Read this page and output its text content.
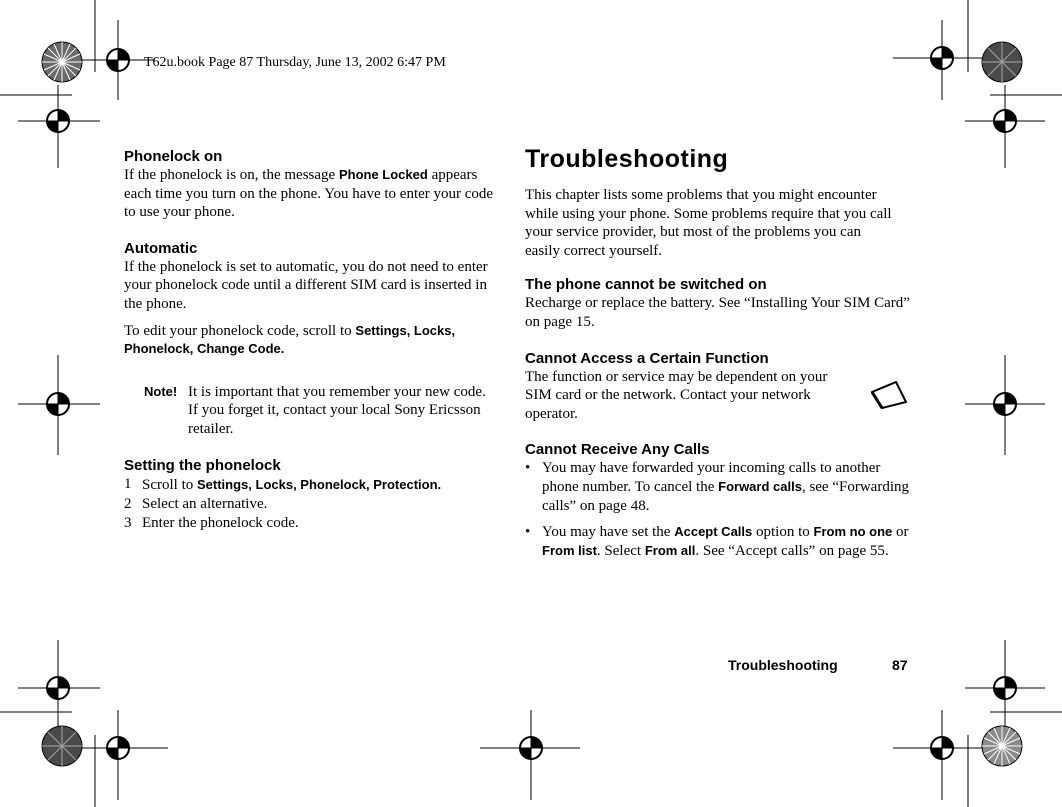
T62u.book Page 87 Thursday, June 13, 2002 6:47 PM

Phonelock on

If the phonelock is on, the message Phone Locked appears each time you turn on the phone. You have to enter your code to use your phone.

Automatic

If the phonelock is set to automatic, you do not need to enter your phonelock code until a different SIM card is inserted in the phone.

To edit your phonelock code, scroll to Settings, Locks, Phonelock, Change Code.

Note! It is important that you remember your new code. If you forget it, contact your local Sony Ericsson retailer.

Setting the phonelock

1 Scroll to Settings, Locks, Phonelock, Protection.
2 Select an alternative.
3 Enter the phonelock code.
Troubleshooting

This chapter lists some problems that you might encounter while using your phone. Some problems require that you call your service provider, but most of the problems you can easily correct yourself.

The phone cannot be switched on

Recharge or replace the battery. See “Installing Your SIM Card” on page 15.

Cannot Access a Certain Function

The function or service may be dependent on your SIM card or the network. Contact your network operator.

Cannot Receive Any Calls

• You may have forwarded your incoming calls to another phone number. To cancel the Forward calls, see “Forwarding calls” on page 48.
• You may have set the Accept Calls option to From no one or From list. Select From all. See “Accept calls” on page 55.
Troubleshooting	87
